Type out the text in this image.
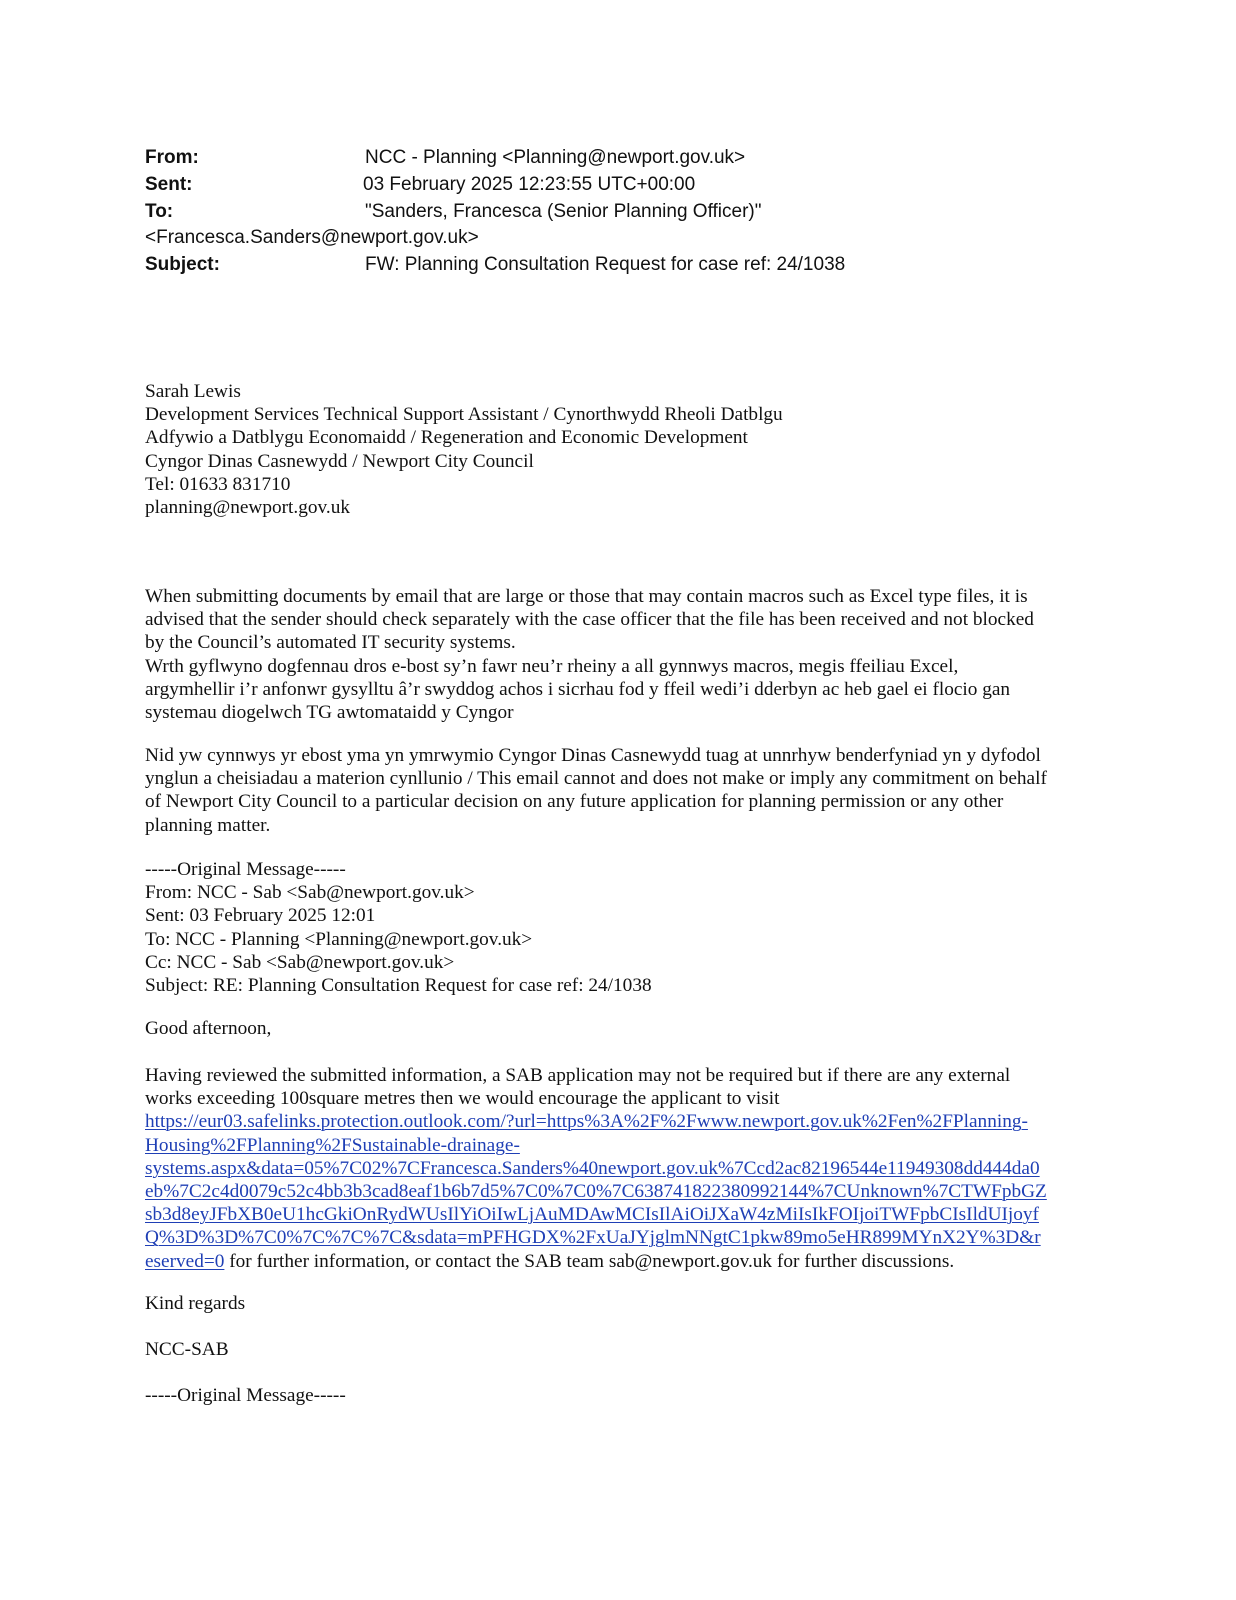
From:	NCC - Planning <Planning@newport.gov.uk>
Sent:	03 February 2025 12:23:55 UTC+00:00
To:	"Sanders, Francesca (Senior Planning Officer)"
<Francesca.Sanders@newport.gov.uk>
Subject:	FW: Planning Consultation Request for case ref: 24/1038
Sarah Lewis
Development Services Technical Support Assistant / Cynorthwydd Rheoli Datblgu
Adfywio a Datblygu Economaidd / Regeneration and Economic Development
Cyngor Dinas Casnewydd / Newport City Council
Tel: 01633 831710
planning@newport.gov.uk
When submitting documents by email that are large or those that may contain macros such as Excel type files, it is
advised that the sender should check separately with the case officer that the file has been received and not blocked
by the Council’s automated IT security systems.
Wrth gyflwyno dogfennau dros e-bost sy’n fawr neu’r rheiny a all gynnwys macros, megis ffeiliau Excel,
argymhellir i’r anfonwr gysylltu â’r swyddog achos i sicrhau fod y ffeil wedi’i dderbyn ac heb gael ei flocio gan
systemau diogelwch TG awtomataidd y Cyngor
Nid yw cynnwys yr ebost yma yn ymrwymio Cyngor Dinas Casnewydd tuag at unnrhyw benderfyniad yn y dyfodol
ynglun a cheisiadau a materion cynllunio / This email cannot and does not make or imply any commitment on behalf
of Newport City Council to a particular decision on any future application for planning permission or any other
planning matter.
-----Original Message-----
From: NCC - Sab <Sab@newport.gov.uk>
Sent: 03 February 2025 12:01
To: NCC - Planning <Planning@newport.gov.uk>
Cc: NCC - Sab <Sab@newport.gov.uk>
Subject: RE: Planning Consultation Request for case ref: 24/1038
Good afternoon,
Having reviewed the submitted information, a SAB application may not be required but if there are any external
works exceeding 100square metres then we would encourage the applicant to visit
https://eur03.safelinks.protection.outlook.com/?url=https%3A%2F%2Fwww.newport.gov.uk%2Fen%2FPlanning-
Housing%2FPlanning%2FSustainable-drainage-
systems.aspx&data=05%7C02%7CFrancesca.Sanders%40newport.gov.uk%7Ccd2ac82196544e11949308dd444da0
eb%7C2c4d0079c52c4bb3b3cad8eaf1b6b7d5%7C0%7C0%7C638741822380992144%7CUnknown%7CTWFpbGZ
sb3d8eyJFbXB0eU1hcGkiOnRydWUsIlYiOiIwLjAuMDAwMCIsIlAiOiJXaW4zMiIsIkFOIjoiTWFpbCIsIldUIjoyf
Q%3D%3D%7C0%7C%7C%7C&sdata=mPFHGDX%2FxUaJYjglmNNgtC1pkw89mo5eHR899MYnX2Y%3D&r
eserved=0 for further information, or contact the SAB team sab@newport.gov.uk for further discussions.
Kind regards
NCC-SAB
-----Original Message-----
